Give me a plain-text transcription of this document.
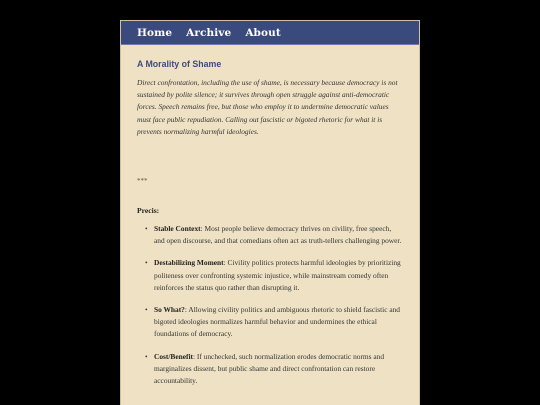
Home Archive About
A Morality of Shame

Direct confrontation, including the use of shame, is necessary because democracy is not sustained by polite silence; it survives through open struggle against anti-democratic forces. Speech remains free, but those who employ it to undermine democratic values must face public repudiation. Calling out fascistic or bigoted rhetoric for what it is prevents normalizing harmful ideologies.

***

Precis:

• Stable Context: Most people believe democracy thrives on civility, free speech, and open discourse, and that comedians often act as truth-tellers challenging power.
• Destabilizing Moment: Civility politics protects harmful ideologies by prioritizing politeness over confronting systemic injustice, while mainstream comedy often reinforces the status quo rather than disrupting it.
• So What?: Allowing civility politics and ambiguous rhetoric to shield fascistic and bigoted ideologies normalizes harmful behavior and undermines the ethical foundations of democracy.
• Cost/Benefit: If unchecked, such normalization erodes democratic norms and marginalizes dissent, but public shame and direct confrontation can restore accountability.
